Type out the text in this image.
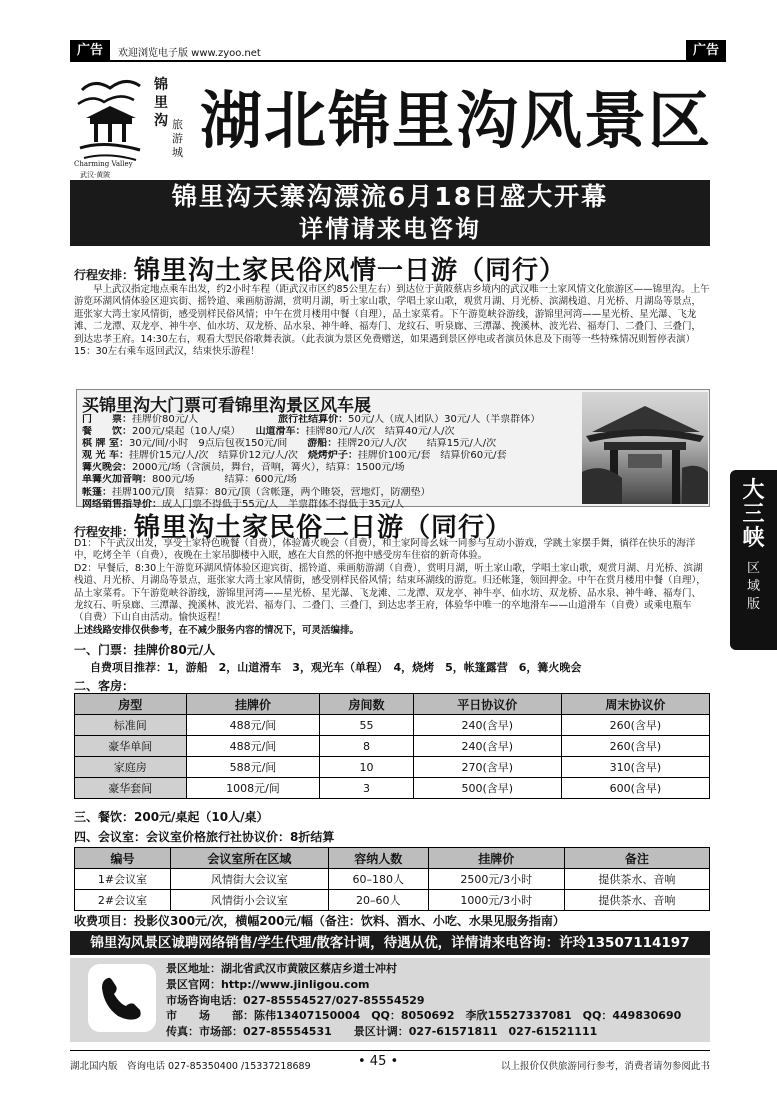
广告	广告
欢迎浏览电子版 www.zyoo.net
锦
里
沟 旅
游
城
Charming Valley
武汉·黄陂
湖北锦里沟风景区
锦里沟天寨沟漂流6月18日盛大开幕
详情请来电咨询
行程安排：锦里沟土家民俗风情一日游（同行）

早上武汉指定地点乘车出发，约2小时车程（距武汉市区约85公里左右）到达位于黄陂蔡店乡境内的武汉唯一土家风情文化旅游区——锦里沟。上午游览环湖风情体验区迎宾街、摇铃道、乘画舫游湖，赏明月湖，听土家山歌，学唱土家山歌，观赏月湖、月光桥、滨湖栈道、月光桥、月湖岛等景点，逛张家大湾土家风情街，感受别样民俗风情；中午在赏月楼用中餐（自理），品土家菜肴。下午游览峡谷游线，游锦里河湾——星光桥、星光瀑、飞龙滩、二龙潭、双龙亭、神牛亭、仙水坊、双龙桥、品水泉、神牛峰、福寿门、龙纹石、听泉廊、三潭瀑、挽溪林、波光岩、福寿门、二叠门、三叠门，到达忠孝王府。14:30左右，观看大型民俗歌舞表演。（此表演为景区免费赠送，如果遇到景区停电或者演员休息及下雨等一些特殊情况则暂停表演）15：30左右乘车返回武汉，结束快乐游程！

买锦里沟大门票可看锦里沟景区风车展
门　　票：挂牌价80元/人　　　　　　　　旅行社结算价：50元/人（成人团队）30元/人（半票群体）
餐　　饮：200元/桌起（10人/桌）　　山道滑车：挂牌80元/人/次　结算40元/人/次
棋 牌 室：30元/间/小时　9点后包夜150元/间　　游船：挂牌20元/人/次　　结算15元/人/次
观 光 车：挂牌价15元/人/次　结算价12元/人/次　烧烤炉子：挂牌价100元/套　结算价60元/套
篝火晚会：2000元/场（含演员，舞台，音响，篝火），结算：1500元/场
单篝火加音响：800元/场　　　结算：600元/场
帐篷：挂牌100元/顶　结算：80元/顶（含帐篷，两个睡袋，营地灯，防潮垫）
网络销售指导价：成人门票不得低于55元/人　半票群体不得低于35元/人
行程安排：锦里沟土家民俗二日游（同行）

D1：下午武汉出发，享受土家特色晚餐（自费），体验篝火晚会（自费），和土家阿哥幺妹一同参与互动小游戏，学跳土家摆手舞，徜徉在快乐的海洋中，吃烤全羊（自费），夜晚在土家吊脚楼中入眠，感在大自然的怀抱中感受房车住宿的新奇体验。

D2：早餐后，8:30上午游览环湖风情体验区迎宾街、摇铃道、乘画舫游湖（自费），赏明月湖，听土家山歌，学唱土家山歌，观赏月湖、月光桥、滨湖栈道、月光桥、月湖岛等景点，逛张家大湾土家风情街，感受别样民俗风情；结束环湖线的游览。归还帐篷，领回押金。中午在赏月楼用中餐（自理），品土家菜肴。下午游览峡谷游线，游锦里河湾——星光桥、星光瀑、飞龙滩、二龙潭、双龙亭、神牛亭、仙水坊、双龙桥、品水泉、神牛峰、福寿门、龙纹石、听泉廊、三潭瀑、挽溪林、波光岩、福寿门、二叠门、三叠门，到达忠孝王府，体验华中唯一的卒地滑车——山道滑车（自费）或乘电瓶车（自费）下山自由活动。愉快返程！

上述线路安排仅供参考，在不减少服务内容的情况下，可灵活编排。

一、门票：挂牌价80元/人
自费项目推荐：1，游船　2，山道滑车　3，观光车（单程）　4，烧烤　5，帐篷露营　6，篝火晚会
二、客房：
房型	挂牌价	房间数	平日协议价	周末协议价
标准间	488元/间	55	240(含早)	260(含早)
豪华单间	488元/间	8	240(含早)	260(含早)
家庭房	588元/间	10	270(含早)	310(含早)
豪华套间	1008元/间	3	500(含早)	600(含早)
三、餐饮：200元/桌起（10人/桌）
四、会议室：会议室价格旅行社协议价：8折结算
编号	会议室所在区域	容纳人数	挂牌价	备注
1#会议室	风情街大会议室	60–180人	2500元/3小时	提供茶水、音响
2#会议室	风情街小会议室	20–60人	1000元/3小时	提供茶水、音响
收费项目：投影仪300元/次，横幅200元/幅（备注：饮料、酒水、小吃、水果见服务指南）
锦里沟风景区诚聘网络销售/学生代理/散客计调，待遇从优，详情请来电咨询：许玲13507114197
景区地址：湖北省武汉市黄陂区蔡店乡道士冲村
景区官网：http://www.jinligou.com
市场咨询电话：027-85554527/027-85554529
市　　场　　部：陈伟13407150004　QQ：8050692　李欣15527337081　QQ：449830690
传真：市场部：027-85554531　　景区计调：027-61571811　027-61521111
湖北国内版　咨询电话 027-85350400 /15337218689	• 45 •	以上报价仅供旅游同行参考，消费者请勿参阅此书
大
三
峡
区
域
版
